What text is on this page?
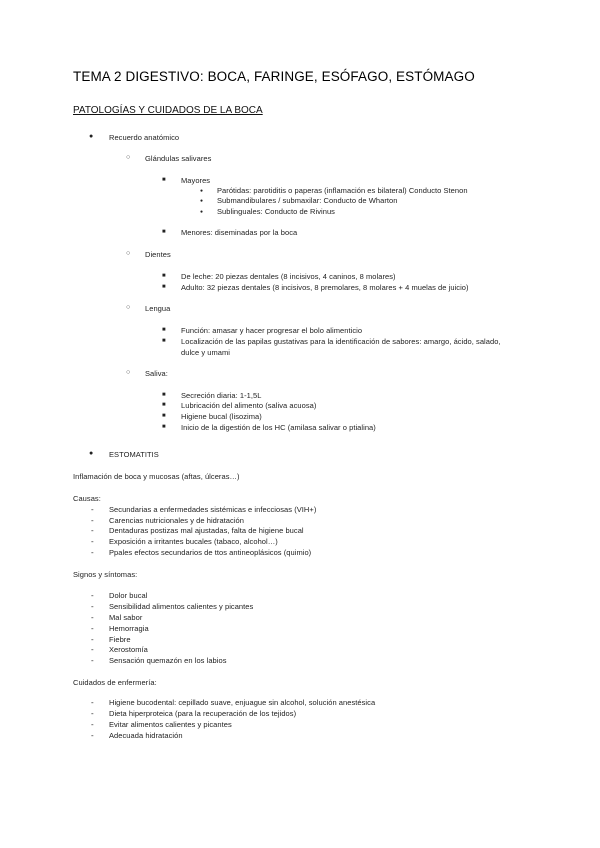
TEMA 2 DIGESTIVO: BOCA, FARINGE, ESÓFAGO, ESTÓMAGO
PATOLOGÍAS Y CUIDADOS DE LA BOCA
● Recuerdo anatómico
○ Glándulas salivares
■ Mayores
● Parótidas: parotiditis o paperas (inflamación es bilateral) Conducto Stenon
● Submandibulares / submaxilar: Conducto de Wharton
● Sublinguales: Conducto de Rivinus
■ Menores: diseminadas por la boca
○ Dientes
■ De leche: 20 piezas dentales (8 incisivos, 4 caninos, 8 molares)
■ Adulto: 32 piezas dentales (8 incisivos, 8 premolares, 8 molares + 4 muelas de juicio)
○ Lengua
■ Función: amasar y hacer progresar el bolo alimenticio
■ Localización de las papilas gustativas para la identificación de sabores: amargo, ácido, salado,
dulce y umami
○ Saliva:
■ Secreción diaria: 1-1,5L
■ Lubricación del alimento (saliva acuosa)
■ Higiene bucal (lisozima)
■ Inicio de la digestión de los HC (amilasa salivar o ptialina)
● ESTOMATITIS
Inflamación de boca y mucosas (aftas, úlceras…)
Causas:
- Secundarias a enfermedades sistémicas e infecciosas (VIH+)
- Carencias nutricionales y de hidratación
- Dentaduras postizas mal ajustadas, falta de higiene bucal
- Exposición a irritantes bucales (tabaco, alcohol…)
- Ppales efectos secundarios de ttos antineoplásicos (quimio)
Signos y síntomas:
- Dolor bucal
- Sensibilidad alimentos calientes y picantes
- Mal sabor
- Hemorragia
- Fiebre
- Xerostomía
- Sensación quemazón en los labios
Cuidados de enfermería:
- Higiene bucodental: cepillado suave, enjuague sin alcohol, solución anestésica
- Dieta hiperproteica (para la recuperación de los tejidos)
- Evitar alimentos calientes y picantes
- Adecuada hidratación
